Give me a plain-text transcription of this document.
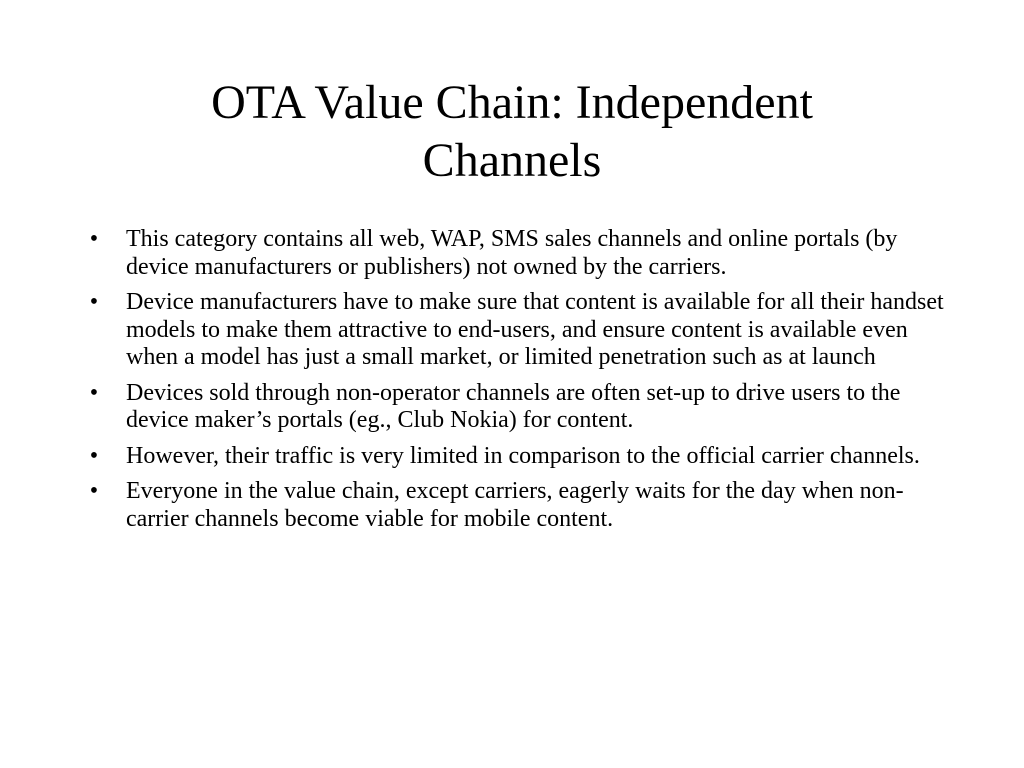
OTA Value Chain: Independent
Channels
• This category contains all web, WAP, SMS sales channels and online portals (by device manufacturers or publishers) not owned by the carriers.
• Device manufacturers have to make sure that content is available for all their handset models to make them attractive to end-users, and ensure content is available even when a model has just a small market, or limited penetration such as at launch
• Devices sold through non-operator channels are often set-up to drive users to the device maker’s portals (eg., Club Nokia) for content.
• However, their traffic is very limited in comparison to the official carrier channels.
• Everyone in the value chain, except carriers, eagerly waits for the day when non-carrier channels become viable for mobile content.
